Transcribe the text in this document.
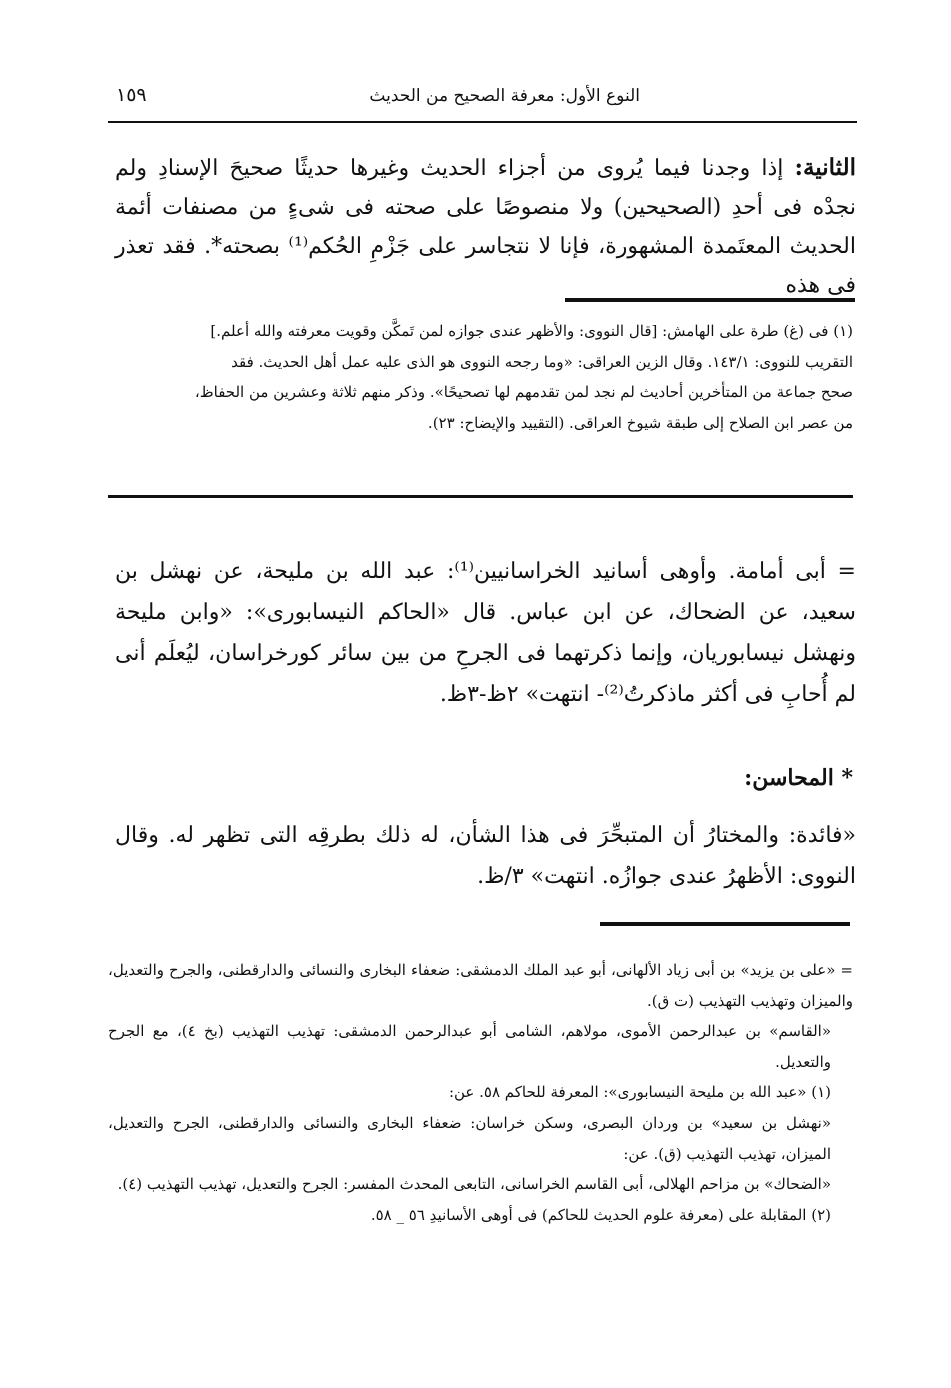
١٥٩	النوع الأول: معرفة الصحيح من الحديث
الثانية: إذا وجدنا فيما يُروى من أجزاء الحديث وغيرها حديثًا صحيحَ الإسنادِ ولم نجدْه فى أحدِ (الصحيحين) ولا منصوصًا على صحته فى شىءٍ من مصنفات أئمة الحديث المعتَمدة المشهورة، فإنا لا نتجاسر على جَزْمِ الحُكم⁽¹⁾ بصحته*. فقد تعذر فى هذه

(١) فى (غ) طرة على الهامش: [قال النووى: والأظهر عندى جوازه لمن تَمكَّن وقويت معرفته والله أعلم.]

التقريب للنووى: ١٤٣/١. وقال الزين العراقى: «وما رجحه النووى هو الذى عليه عمل أهل الحديث. فقد

صحح جماعة من المتأخرين أحاديث لم نجد لمن تقدمهم لها تصحيحًا». وذكر منهم ثلاثة وعشرين من الحفاظ،

من عصر ابن الصلاح إلى طبقة شيوخ العراقى. (التقييد والإيضاح: ٢٣).

= أبى أمامة. وأوهى أسانيد الخراسانيين⁽¹⁾: عبد الله بن مليحة، عن نهشل بن سعيد، عن الضحاك، عن ابن عباس. قال «الحاكم النيسابورى»: «وابن مليحة ونهشل نيسابوريان، وإنما ذكرتهما فى الجرحِ من بين سائر كورخراسان، ليُعلَم أنى لم أُحابِ فى أكثر ماذكرتُ⁽²⁾- انتهت» ٢ظ-٣ظ.
* المحاسن:
«فائدة: والمختارُ أن المتبحِّرَ فى هذا الشأن، له ذلك بطرقِه التى تظهر له. وقال النووى: الأظهرُ عندى جوازُه. انتهت» ٣/ظ.

= «على بن يزيد» بن أبى زياد الألهانى، أبو عبد الملك الدمشقى: ضعفاء البخارى والنسائى والدارقطنى، والجرح والتعديل، والميزان وتهذيب التهذيب (ت ق).

«القاسم» بن عبدالرحمن الأموى، مولاهم، الشامى أبو عبدالرحمن الدمشقى: تهذيب التهذيب (بخ ٤)، مع الجرح والتعديل.

(١) «عبد الله بن مليحة النيسابورى»: المعرفة للحاكم ٥٨. عن:

«نهشل بن سعيد» بن وردان البصرى، وسكن خراسان: ضعفاء البخارى والنسائى والدارقطنى، الجرح والتعديل، الميزان، تهذيب التهذيب (ق). عن:

«الضحاك» بن مزاحم الهلالى، أبى القاسم الخراسانى، التابعى المحدث المفسر: الجرح والتعديل، تهذيب التهذيب (٤).

(٢) المقابلة على (معرفة علوم الحديث للحاكم) فى أوهى الأسانيدِ ٥٦ _ ٥٨.
